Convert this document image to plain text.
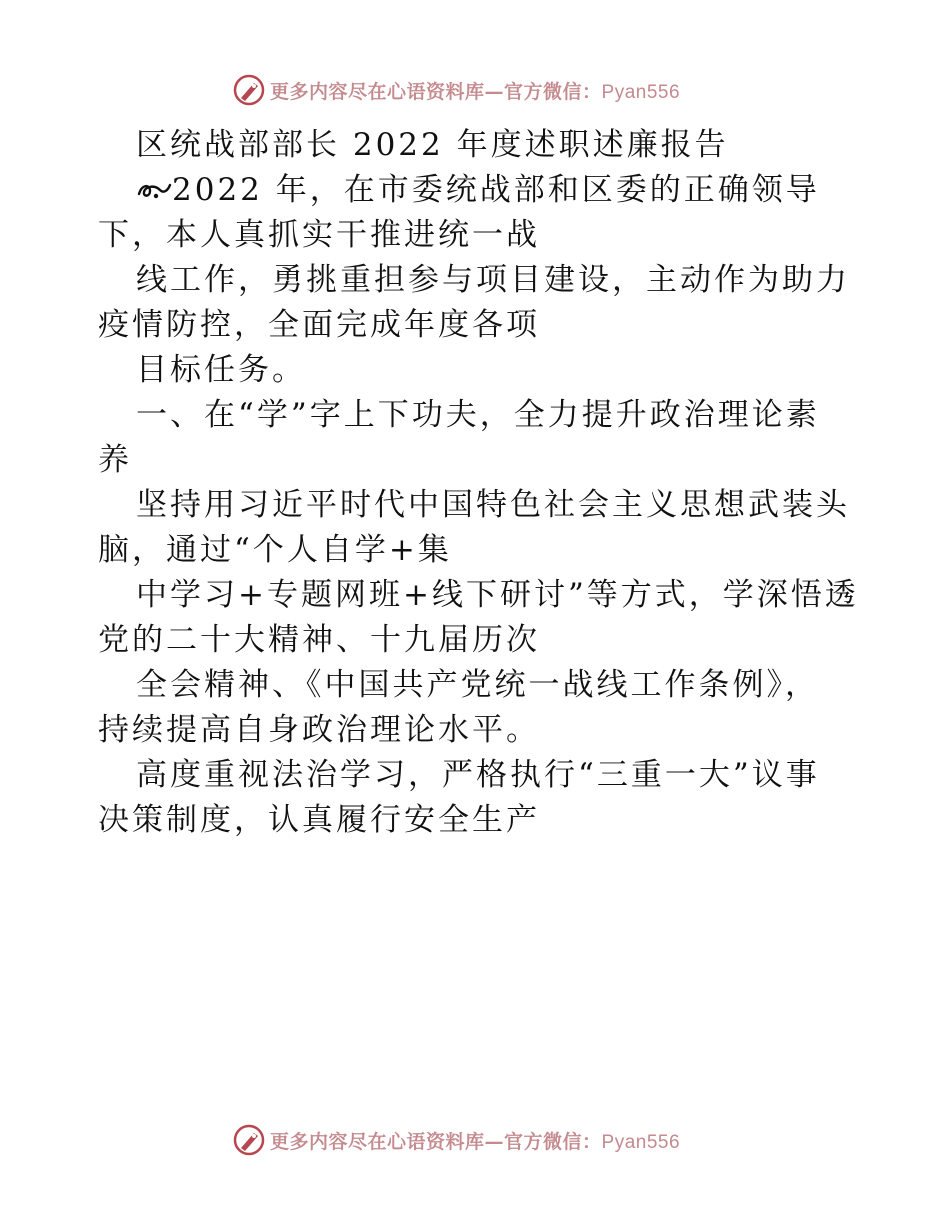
更多内容尽在心语资料库—官方微信：Pyan556
区统战部部长 2022 年度述职述廉报告
2022 年，在市委统战部和区委的正确领导
下，本人真抓实干推进统一战
线工作，勇挑重担参与项目建设，主动作为助力
疫情防控，全面完成年度各项
目标任务。
一、在“学”字上下功夫，全力提升政治理论素
养
坚持用习近平时代中国特色社会主义思想武装头
脑，通过“个人自学+集
中学习+专题网班+线下研讨”等方式，学深悟透
党的二十大精神、十九届历次
全会精神、《中国共产党统一战线工作条例》，
持续提高自身政治理论水平。
高度重视法治学习，严格执行“三重一大”议事
决策制度，认真履行安全生产
更多内容尽在心语资料库—官方微信：Pyan556
